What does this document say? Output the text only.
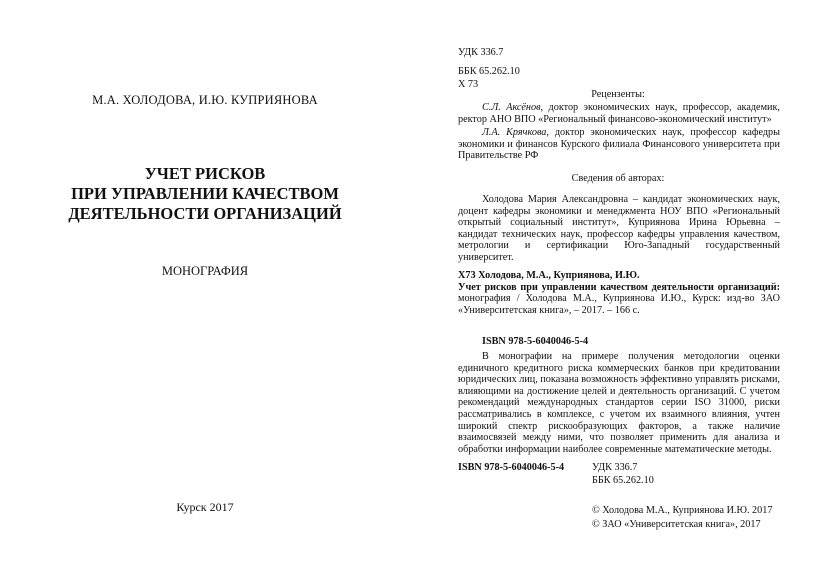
М.А. ХОЛОДОВА, И.Ю. КУПРИЯНОВА

УЧЕТ РИСКОВ
ПРИ УПРАВЛЕНИИ КАЧЕСТВОМ
ДЕЯТЕЛЬНОСТИ ОРГАНИЗАЦИЙ

МОНОГРАФИЯ

Курск 2017

УДК 336.7

ББК 65.262.10

Х 73

Рецензенты:

С.Л. Аксёнов, доктор экономических наук, профессор, академик, ректор АНО ВПО «Региональный финансово-экономический институт»

Л.А. Крячкова, доктор экономических наук, профессор кафедры экономики и финансов Курского филиала Финансового университета при Правительстве РФ

Сведения об авторах:

Холодова Мария Александровна – кандидат экономических наук, доцент кафедры экономики и менеджмента НОУ ВПО «Региональный открытый социальный институт», Куприянова Ирина Юрьевна – кандидат технических наук, профессор кафедры управления качеством, метрологии и сертификации Юго-Западный государственный университет.

Х73 Холодова, М.А., Куприянова, И.Ю.
Учет рисков при управлении качеством деятельности организаций: монография / Холодова М.А., Куприянова И.Ю., Курск: изд-во ЗАО «Университетская книга», – 2017. – 166 с.

ISBN 978-5-6040046-5-4

В монографии на примере получения методологии оценки единичного кредитного риска коммерческих банков при кредитовании юридических лиц, показана возможность эффективно управлять рисками, влияющими на достижение целей и деятельность организаций. С учетом рекомендаций международных стандартов серии ISO 31000, риски рассматривались в комплексе, с учетом их взаимного влияния, учтен широкий спектр рискообразующих факторов, а также наличие взаимосвязей между ними, что позволяет применить для анализа и обработки информации наиболее современные математические методы.

ISBN 978-5-6040046-5-4	УДК 336.7

ББК 65.262.10

© Холодова М.А., Куприянова И.Ю. 2017

© ЗАО «Университетская книга», 2017
